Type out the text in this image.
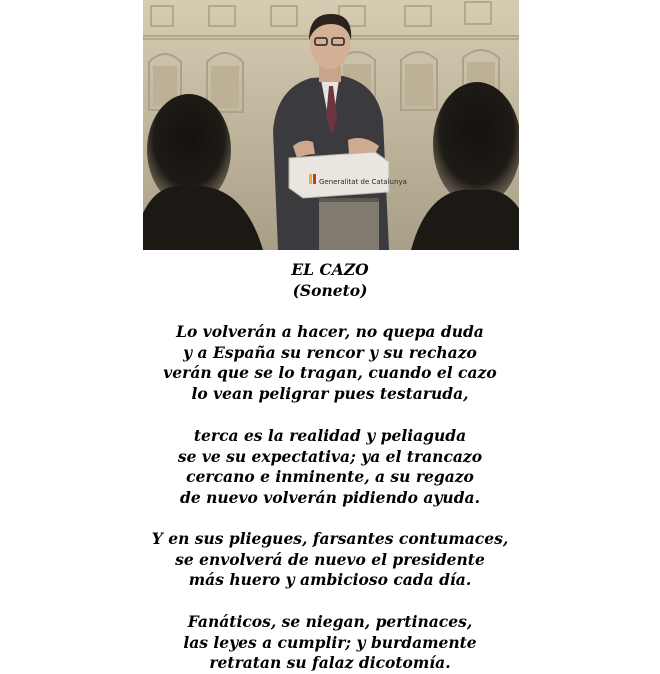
Generalitat de Catalunya
EL CAZO
(Soneto)
Lo volverán a hacer, no quepa duda
y a España su rencor y su rechazo
verán que se lo tragan, cuando el cazo
lo vean peligrar pues testaruda,
terca es la realidad y peliaguda
se ve su expectativa; ya el trancazo
cercano e inminente, a su regazo
de nuevo volverán pidiendo ayuda.
Y en sus pliegues, farsantes contumaces,
se envolverá de nuevo el presidente
más huero y ambicioso cada día.
Fanáticos, se niegan, pertinaces,
las leyes a cumplir; y burdamente
retratan su falaz dicotomía.
